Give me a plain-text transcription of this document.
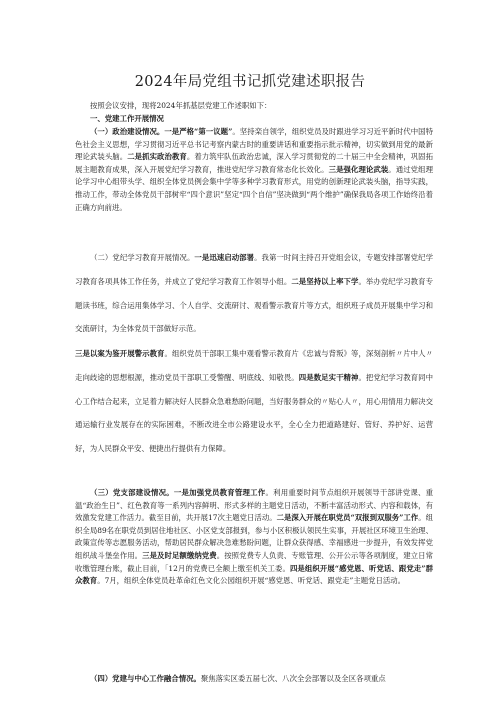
2024年局党组书记抓党建述职报告

按照会议安排，现将2024年抓基层党建工作述职如下：

一、党建工作开展情况

（一）政治建设情况。一是严格“第一议题”。坚持栾自领学，组织党员及时跟进学习习近平新时代中国特色社会主义思想，学习贯彻习近平总书记考察内蒙古时的重要讲话和重要指示批示精神，切实做到用党的最新理论武装头脑。二是抓实政治教育。着力筑牢队伍政治忠诚，深入学习贯彻党的二十届三中全会精神，巩固拓展主题教育成果，深入开展党纪学习教育，推进党纪学习教育常态化长效化。三是强化理论武装。通过党组理论学习中心组带头学、组织全体党员例会集中学等多种学习教育形式，用党的创新理论武装头脑，指导实践，推动工作，带动全体党员干部树牢“四个意识”坚定“四个自信”坚决做到“两个维护”确保我局各项工作始终沿着正确方向前进。

（二）党纪学习教育开展情况。一是迅速启动部署。我第一时间主持召开党组会议，专题安排部署党纪学习教育各项具体工作任务，并成立了党纪学习教育工作领导小组。二是坚持以上率下学。举办党纪学习教育专题读书班，综合运用集体学习、个人自学、交流研讨、观看警示教育片等方式，组织班子成员开展集中学习和交流研讨，为全体党员干部做好示范。

三是以案为鉴开展警示教育。组织党员干部职工集中观看警示教育片《忠诚与背叛》等，深刻剖析〃片中人〃走向歧途的思想根源，推动党员干部职工受警醒、明底线、知敬畏。四是数足实干精神。把党纪学习教育同中心工作结合起来，立足着力解决好人民群众急难愁盼问题，当好服务群众的〃贴心人〃，用心用情用力解决交通运输行业发展存在的实际困难，不断改进全市公路建设水平，全心全力把道路建好、管好、养护好、运营好，为人民群众平安、便捷出行提供有力保障。

（三）党支部建设情况。一是加强党员教育管理工作。利用重要时间节点组织开展领导干部讲党课、重温“政治生日”、红色教育等一系列内容鲜明、形式多样的主题党日活动，不断丰富活动形式、内容和载体，有效激发党建工作活力。截至目前，共开展17次主题党日活动。二是深入开展在职党员“双报到双服务”工作。组织全局89名在职党员到居住地社区、小区党支部报到，参与小区积极认领民生实事，开展社区环境卫生治理、政策宣传等志愿服务活动，帮助居民群众解决急难愁盼问题，让群众获得感、幸福感进一步提升，有效发挥党组织战斗堡垒作用。三是及时足额缴纳党费。按照党费专人负责、专账管理、公开公示等各项制度，建立日常收缴管理台账，截止目前，「12月的党费已全额上缴至机关工委。四是组织开展“感党恩、听党话、跟党走”群众教育。7月，组织全体党员赴革命红色文化公园组织开展“感党恩、听党话、跟党走”主题党日活动。

（四）党建与中心工作融合情况。聚焦落实区委五届七次、八次全会部署以及全区各项重点
